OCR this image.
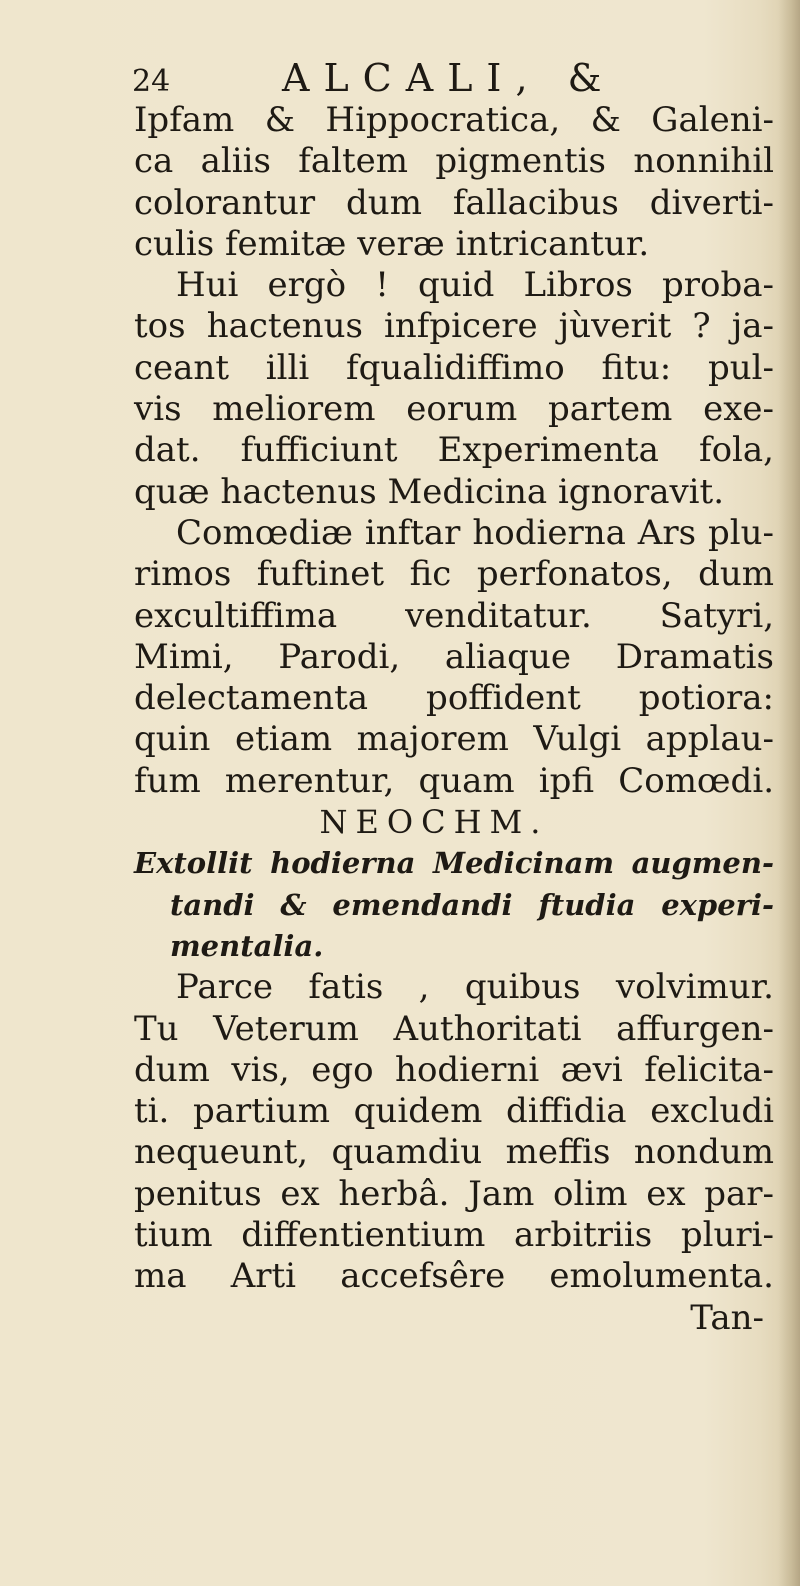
24	ALCALI, &
Ipfam & Hippocratica, & Galeni-
ca aliis faltem pigmentis nonnihil
colorantur dum fallacibus diverti-
culis femitæ veræ intricantur.
Hui ergò ! quid Libros proba-
tos hactenus infpicere jùverit ? ja-
ceant illi fqualidiffimo fitu: pul-
vis meliorem eorum partem exe-
dat. fufficiunt Experimenta fola,
quæ hactenus Medicina ignoravit.
Comœdiæ inftar hodierna Ars plu-
rimos fuftinet fic perfonatos, dum
excultiffima venditatur. Satyri,
Mimi, Parodi, aliaque Dramatis
delectamenta poffident potiora:
quin etiam majorem Vulgi applau-
fum merentur, quam ipfi Comœdi.
NEOCHM.
Extollit hodierna Medicinam augmen-
tandi & emendandi ftudia experi-
mentalia.
Parce fatis , quibus volvimur.
Tu Veterum Authoritati affurgen-
dum vis, ego hodierni ævi felicita-
ti. partium quidem diffidia excludi
nequeunt, quamdiu meffis nondum
penitus ex herbâ. Jam olim ex par-
tium diffentientium arbitriis pluri-
ma Arti accefsêre emolumenta.
Tan-
